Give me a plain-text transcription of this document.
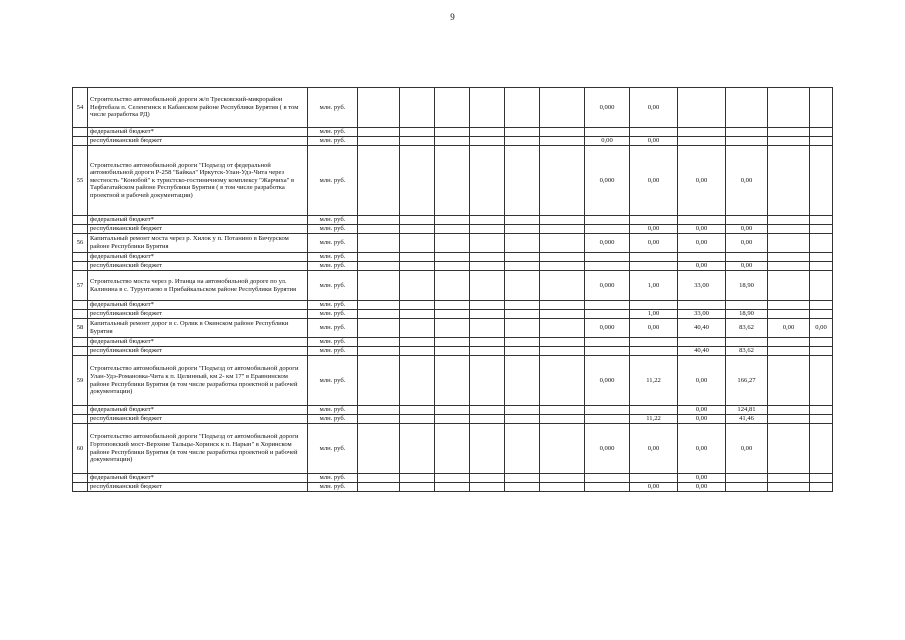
9
54	Строительство автомобильной дороги ж/п Тресковский-микрорайон Нефтебаза п. Селенгинск в Кабанском районе Республики Бурятия ( в том числе разработка РД)	млн. руб.							0,000	0,00				
	федеральный бюджет*	млн. руб.												
	республиканский бюджет	млн. руб.							0,00	0,00				
55	Строительство автомобильной дороги "Подъезд от федеральной автомобильной дороги Р-258 "Байкал" Иркутск-Улан-Удэ-Чита через местность "Конобой" к туристско-гостиничному комплексу "Жарчиха" в Тарбагатайском районе Республики Бурятия ( в том числе разработка проектной и рабочей документации)	млн. руб.							0,000	0,00	0,00	0,00		
	федеральный бюджет*	млн. руб.												
	республиканский бюджет	млн. руб.								0,00	0,00	0,00		
56	Капитальный ремонт моста через р. Хилок у п. Потанино в Бичурском районе Республики Бурятия	млн. руб.							0,000	0,00	0,00	0,00		
	федеральный бюджет*	млн. руб.												
	республиканский бюджет	млн. руб.									0,00	0,00		
57	Строительство моста через р. Итанца на автомобильной дороге по ул. Калинина в с. Турунтаево в Прибайкальском районе Республики Бурятия	млн. руб.							0,000	1,00	33,00	18,90		
	федеральный бюджет*	млн. руб.												
	республиканский бюджет	млн. руб.								1,00	33,00	18,90		
58	Капитальный ремонт дорог в с. Орлик в Окинском районе Республики Бурятия	млн. руб.							0,000	0,00	40,40	83,62	0,00	0,00
	федеральный бюджет*	млн. руб.												
	республиканский бюджет	млн. руб.									40,40	83,62		
59	Строительство автомобильной дороги "Подъезд от автомобильной дороги Улан-Удэ-Романовка-Чита к п. Целинный, км 2- км 17" в Еравнинском районе Республики Бурятия (в том числе разработка проектной и рабочей документации)	млн. руб.							0,000	11,22	0,00	166,27		
	федеральный бюджет*	млн. руб.									0,00	124,81		
	республиканский бюджет	млн. руб.								11,22	0,00	41,46		
60	Строительство автомобильной дороги "Подъезд от автомобильной дороги Гортоповский мост-Верхние Тальцы-Хоринск к п. Нарын" в Хоринском районе Республики Бурятия (в том числе разработка проектной и рабочей документации)	млн. руб.							0,000	0,00	0,00	0,00		
	федеральный бюджет*	млн. руб.									0,00			
	республиканский бюджет	млн. руб.								0,00	0,00			
